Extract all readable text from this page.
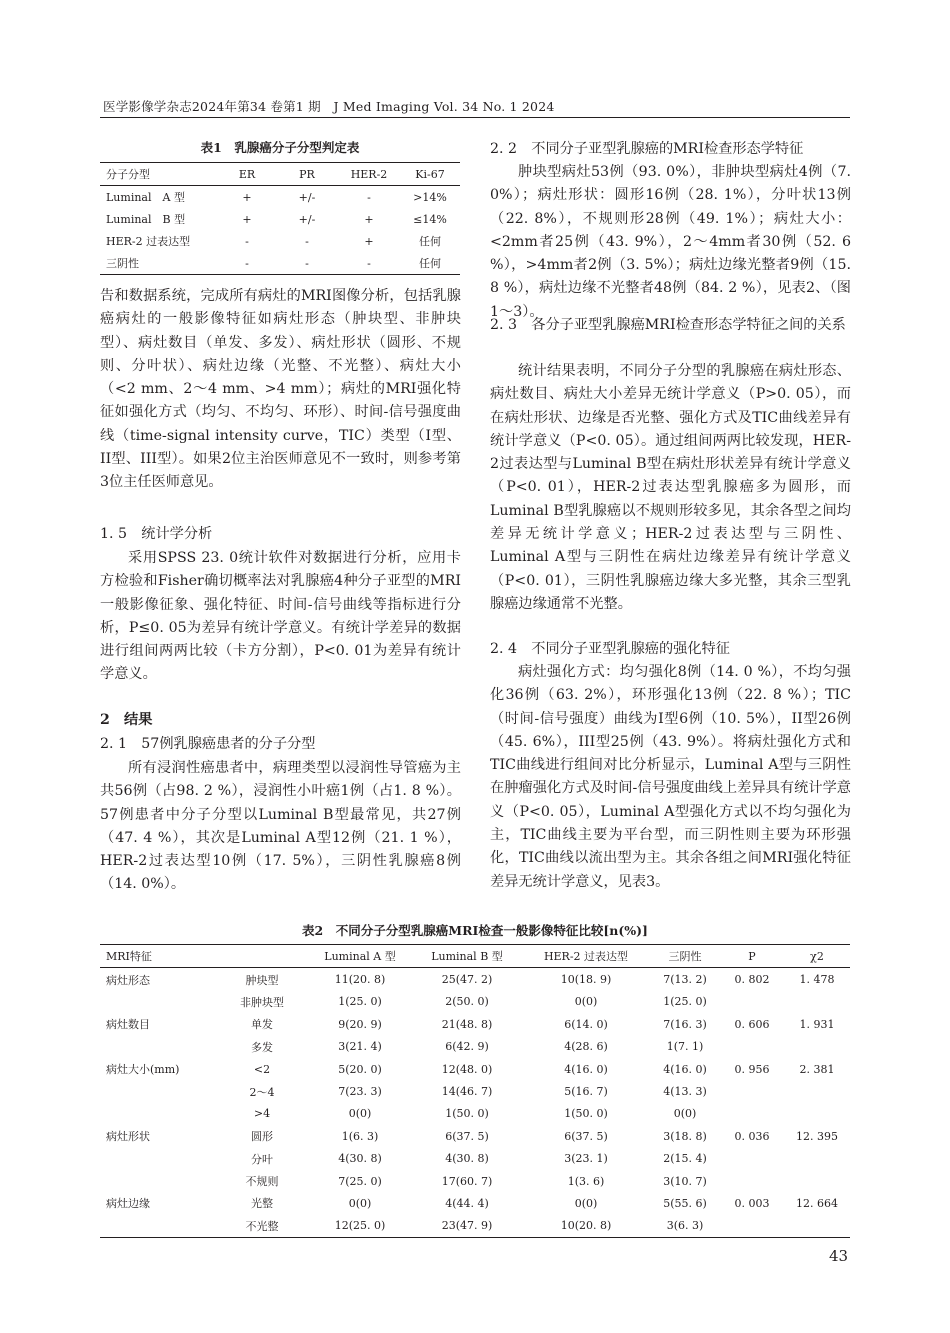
医学影像学杂志2024年第34 卷第1 期　J Med Imaging Vol. 34 No. 1 2024
表1　乳腺癌分子分型判定表
分子分型	ER	PR	HER-2	Ki-67
Luminal　A 型	+	+/-	-	>14%
Luminal　B 型	+	+/-	+	≤14%
HER-2 过表达型	-	-	+	任何
三阴性	-	-	-	任何

告和数据系统，完成所有病灶的MRI图像分析，包括乳腺癌病灶的一般影像特征如病灶形态（肿块型、非肿块型）、病灶数目（单发、多发）、病灶形状（圆形、不规则、分叶状）、病灶边缘（光整、不光整）、病灶大小（<2 mm、2～4 mm、>4 mm）；病灶的MRI强化特征如强化方式（均匀、不均匀、环形）、时间-信号强度曲线（time-signal intensity curve，TIC）类型（I型、II型、III型）。如果2位主治医师意见不一致时，则参考第3位主任医师意见。

1. 5　统计学分析

采用SPSS 23. 0统计软件对数据进行分析，应用卡方检验和Fisher确切概率法对乳腺癌4种分子亚型的MRI一般影像征象、强化特征、时间-信号曲线等指标进行分析，P≤0. 05为差异有统计学意义。有统计学差异的数据进行组间两两比较（卡方分割），P<0. 01为差异有统计学意义。

2　结果
2. 1　57例乳腺癌患者的分子分型

所有浸润性癌患者中，病理类型以浸润性导管癌为主共56例（占98. 2 %），浸润性小叶癌1例（占1. 8 %）。57例患者中分子分型以Luminal B型最常见，共27例（47. 4 %），其次是Luminal A型12例（21. 1 %），HER-2过表达型10例（17. 5%），三阴性乳腺癌8例（14. 0%）。

2. 2　不同分子亚型乳腺癌的MRI检查形态学特征

肿块型病灶53例（93. 0%），非肿块型病灶4例（7. 0%）；病灶形状：圆形16例（28. 1%），分叶状13例（22. 8%），不规则形28例（49. 1%）；病灶大小：<2mm者25例（43. 9%），2～4mm者30例（52. 6 %），>4mm者2例（3. 5%）；病灶边缘光整者9例（15. 8 %），病灶边缘不光整者48例（84. 2 %），见表2、（图1～3）。

2. 3　各分子亚型乳腺癌MRI检查形态学特征之间的关系

统计结果表明，不同分子分型的乳腺癌在病灶形态、病灶数目、病灶大小差异无统计学意义（P>0. 05），而在病灶形状、边缘是否光整、强化方式及TIC曲线差异有统计学意义（P<0. 05）。通过组间两两比较发现，HER-2过表达型与Luminal B型在病灶形状差异有统计学意义（P<0. 01），HER-2过表达型乳腺癌多为圆形，而Luminal B型乳腺癌以不规则形较多见，其余各型之间均差异无统计学意义；HER-2过表达型与三阴性、Luminal A型与三阴性在病灶边缘差异有统计学意义（P<0. 01），三阴性乳腺癌边缘大多光整，其余三型乳腺癌边缘通常不光整。

2. 4　不同分子亚型乳腺癌的强化特征

病灶强化方式：均匀强化8例（14. 0 %），不均匀强化36例（63. 2%），环形强化13例（22. 8 %）；TIC（时间-信号强度）曲线为I型6例（10. 5%），II型26例（45. 6%），III型25例（43. 9%）。将病灶强化方式和TIC曲线进行组间对比分析显示，Luminal A型与三阴性在肿瘤强化方式及时间-信号强度曲线上差异具有统计学意义（P<0. 05），Luminal A型强化方式以不均匀强化为主，TIC曲线主要为平台型，而三阴性则主要为环形强化，TIC曲线以流出型为主。其余各组之间MRI强化特征差异无统计学意义，见表3。

表2　不同分子分型乳腺癌MRI检查一般影像特征比较[n(%)]
MRI特征		Luminal A 型	Luminal B 型	HER-2 过表达型	三阴性	P	χ2
病灶形态	肿块型	11(20. 8)	25(47. 2)	10(18. 9)	7(13. 2)	0. 802	1. 478
	非肿块型	1(25. 0)	2(50. 0)	0(0)	1(25. 0)		
病灶数目	单发	9(20. 9)	21(48. 8)	6(14. 0)	7(16. 3)	0. 606	1. 931
	多发	3(21. 4)	6(42. 9)	4(28. 6)	1(7. 1)		
病灶大小(mm)	<2	5(20. 0)	12(48. 0)	4(16. 0)	4(16. 0)	0. 956	2. 381
	2～4	7(23. 3)	14(46. 7)	5(16. 7)	4(13. 3)		
	>4	0(0)	1(50. 0)	1(50. 0)	0(0)		
病灶形状	圆形	1(6. 3)	6(37. 5)	6(37. 5)	3(18. 8)	0. 036	12. 395
	分叶	4(30. 8)	4(30. 8)	3(23. 1)	2(15. 4)		
	不规则	7(25. 0)	17(60. 7)	1(3. 6)	3(10. 7)		
病灶边缘	光整	0(0)	4(44. 4)	0(0)	5(55. 6)	0. 003	12. 664
	不光整	12(25. 0)	23(47. 9)	10(20. 8)	3(6. 3)		
43
